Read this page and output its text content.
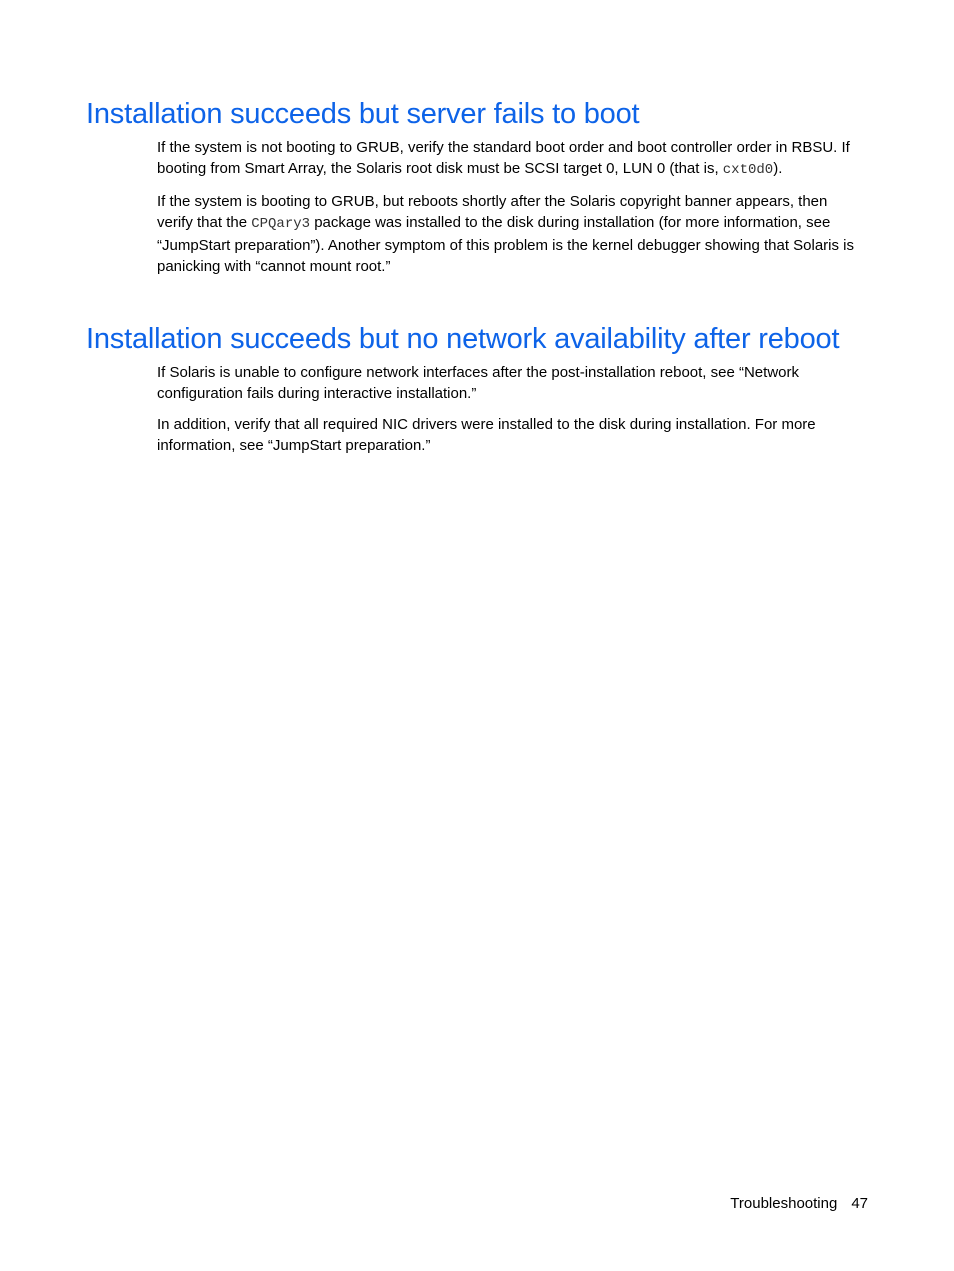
Installation succeeds but server fails to boot

If the system is not booting to GRUB, verify the standard boot order and boot controller order in RBSU. If booting from Smart Array, the Solaris root disk must be SCSI target 0, LUN 0 (that is, cxt0d0).

If the system is booting to GRUB, but reboots shortly after the Solaris copyright banner appears, then verify that the CPQary3 package was installed to the disk during installation (for more information, see “JumpStart preparation”). Another symptom of this problem is the kernel debugger showing that Solaris is panicking with “cannot mount root.”

Installation succeeds but no network availability after reboot

If Solaris is unable to configure network interfaces after the post-installation reboot, see “Network configuration fails during interactive installation.”

In addition, verify that all required NIC drivers were installed to the disk during installation. For more information, see “JumpStart preparation.”

Troubleshooting 47
